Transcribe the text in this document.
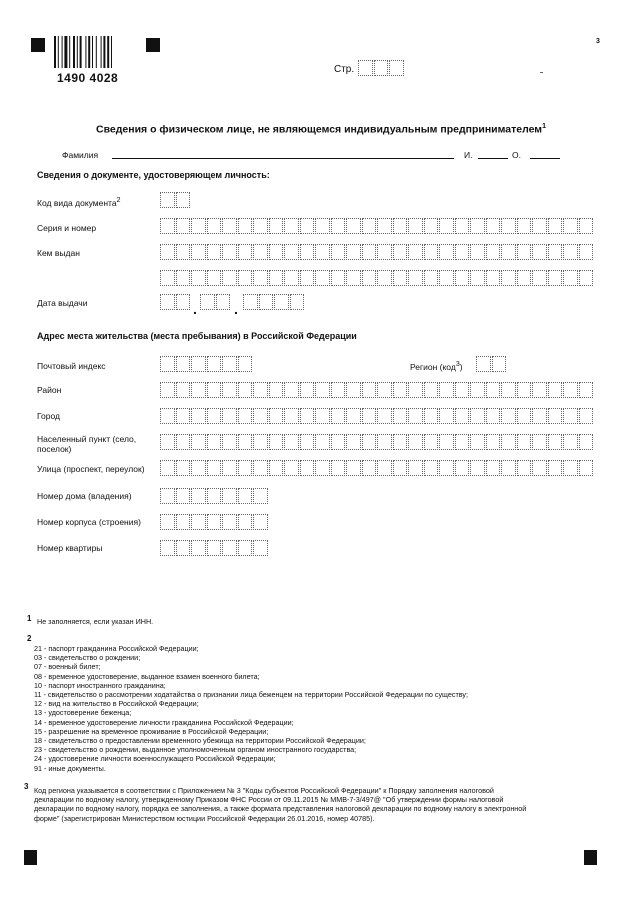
1490 4028
3
Стр.
Сведения о физическом лице, не являющемся индивидуальным предпринимателем$^1$
Фамилия	И.	О.
Сведения о документе, удостоверяющем личность:
Код вида документа$^2$
Серия и номер
Кем выдан
Дата выдачи	.	.
Адрес места жительства (места пребывания) в Российской Федерации
Почтовый индекс	Регион (код$^3$)
Район
Город
Населенный пункт (село,
поселок)
Улица (проспект, переулок)
Номер дома (владения)
Номер корпуса (строения)
Номер квартиры
1 Не заполняется, если указан ИНН.
2
21 - паспорт гражданина Российской Федерации;
03 - свидетельство о рождении;
07 - военный билет;
08 - временное удостоверение, выданное взамен военного билета;
10 - паспорт иностранного гражданина;
11 - свидетельство о рассмотрении ходатайства о признании лица беженцем на территории Российской Федерации по существу;
12 - вид на жительство в Российской Федерации;
13 - удостоверение беженца;
14 - временное удостоверение личности гражданина Российской Федерации;
15 - разрешение на временное проживание в Российской Федерации;
18 - свидетельство о предоставлении временного убежища на территории Российской Федерации;
23 - свидетельство о рождении, выданное уполномоченным органом иностранного государства;
24 - удостоверение личности военнослужащего Российской Федерации;
91 - иные документы.
3 Код региона указывается в соответствии с Приложением № 3 "Коды субъектов Российской Федерации" к Порядку заполнения налоговой
декларации по водному налогу, утвержденному Приказом ФНС России от 09.11.2015 № ММВ-7-3/497@ "Об утверждении формы налоговой
декларации по водному налогу, порядка ее заполнения, а также формата представления налоговой декларации по водному налогу в электронной
форме" (зарегистрирован Министерством юстиции Российской Федерации 26.01.2016, номер 40785).
